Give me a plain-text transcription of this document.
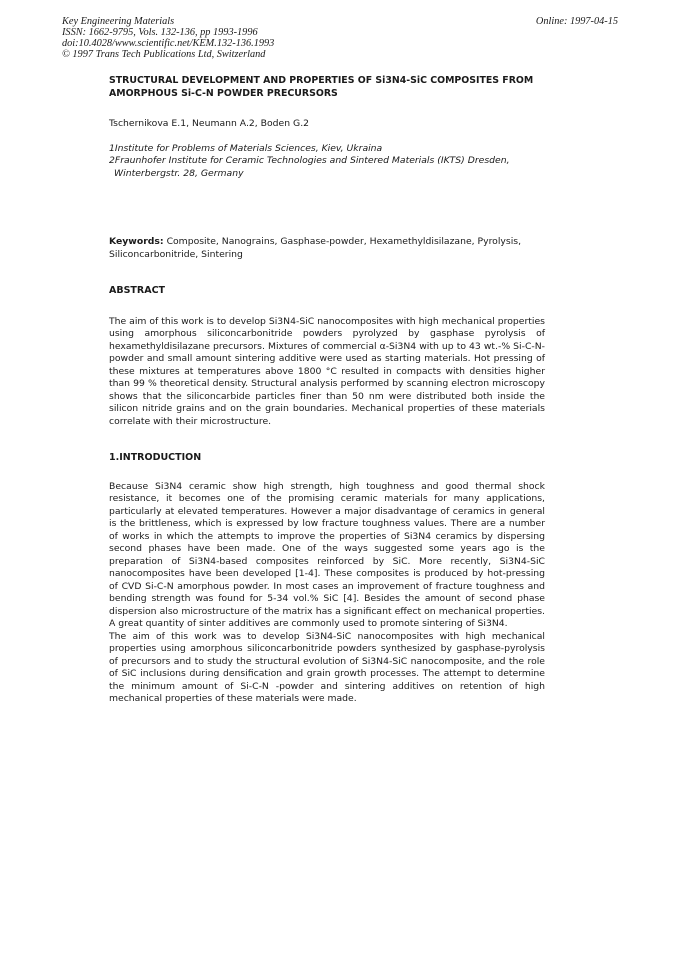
Key Engineering Materials
ISSN: 1662-9795, Vols. 132-136, pp 1993-1996
doi:10.4028/www.scientific.net/KEM.132-136.1993
© 1997 Trans Tech Publications Ltd, Switzerland
Online: 1997-04-15

STRUCTURAL DEVELOPMENT AND PROPERTIES OF Si3N4-SiC COMPOSITES FROM AMORPHOUS Si-C-N POWDER PRECURSORS

Tschernikova E.1, Neumann A.2, Boden G.2

1Institute for Problems of Materials Sciences, Kiev, Ukraina

2Fraunhofer Institute for Ceramic Technologies and Sintered Materials (IKTS) Dresden,

Winterbergstr. 28, Germany

Keywords: Composite, Nanograins, Gasphase-powder, Hexamethyldisilazane, Pyrolysis, Siliconcarbonitride, Sintering

ABSTRACT

The aim of this work is to develop Si3N4-SiC nanocomposites with high mechanical properties using amorphous siliconcarbonitride powders pyrolyzed by gasphase pyrolysis of hexamethyldisilazane precursors. Mixtures of commercial α-Si3N4 with up to 43 wt.-% Si-C-N-powder and small amount sintering additive were used as starting materials. Hot pressing of these mixtures at temperatures above 1800 °C resulted in compacts with densities higher than 99 % theoretical density. Structural analysis performed by scanning electron microscopy shows that the siliconcarbide particles finer than 50 nm were distributed both inside the silicon nitride grains and on the grain boundaries. Mechanical properties of these materials correlate with their microstructure.

1.INTRODUCTION

Because Si3N4 ceramic show high strength, high toughness and good thermal shock resistance, it becomes one of the promising ceramic materials for many applications, particularly at elevated temperatures. However a major disadvantage of ceramics in general is the brittleness, which is expressed by low fracture toughness values. There are a number of works in which the attempts to improve the properties of Si3N4 ceramics by dispersing second phases have been made. One of the ways suggested some years ago is the preparation of Si3N4-based composites reinforced by SiC. More recently, Si3N4-SiC nanocomposites have been developed [1-4]. These composites is produced by hot-pressing of CVD Si-C-N amorphous powder. In most cases an improvement of fracture toughness and bending strength was found for 5-34 vol.% SiC [4]. Besides the amount of second phase dispersion also microstructure of the matrix has a significant effect on mechanical properties. A great quantity of sinter additives are commonly used to promote sintering of Si3N4.

The aim of this work was to develop Si3N4-SiC nanocomposites with high mechanical properties using amorphous siliconcarbonitride powders synthesized by gasphase-pyrolysis of precursors and to study the structural evolution of Si3N4-SiC nanocomposite, and the role of SiC inclusions during densification and grain growth processes. The attempt to determine the minimum amount of Si-C-N -powder and sintering additives on retention of high mechanical properties of these materials were made.
